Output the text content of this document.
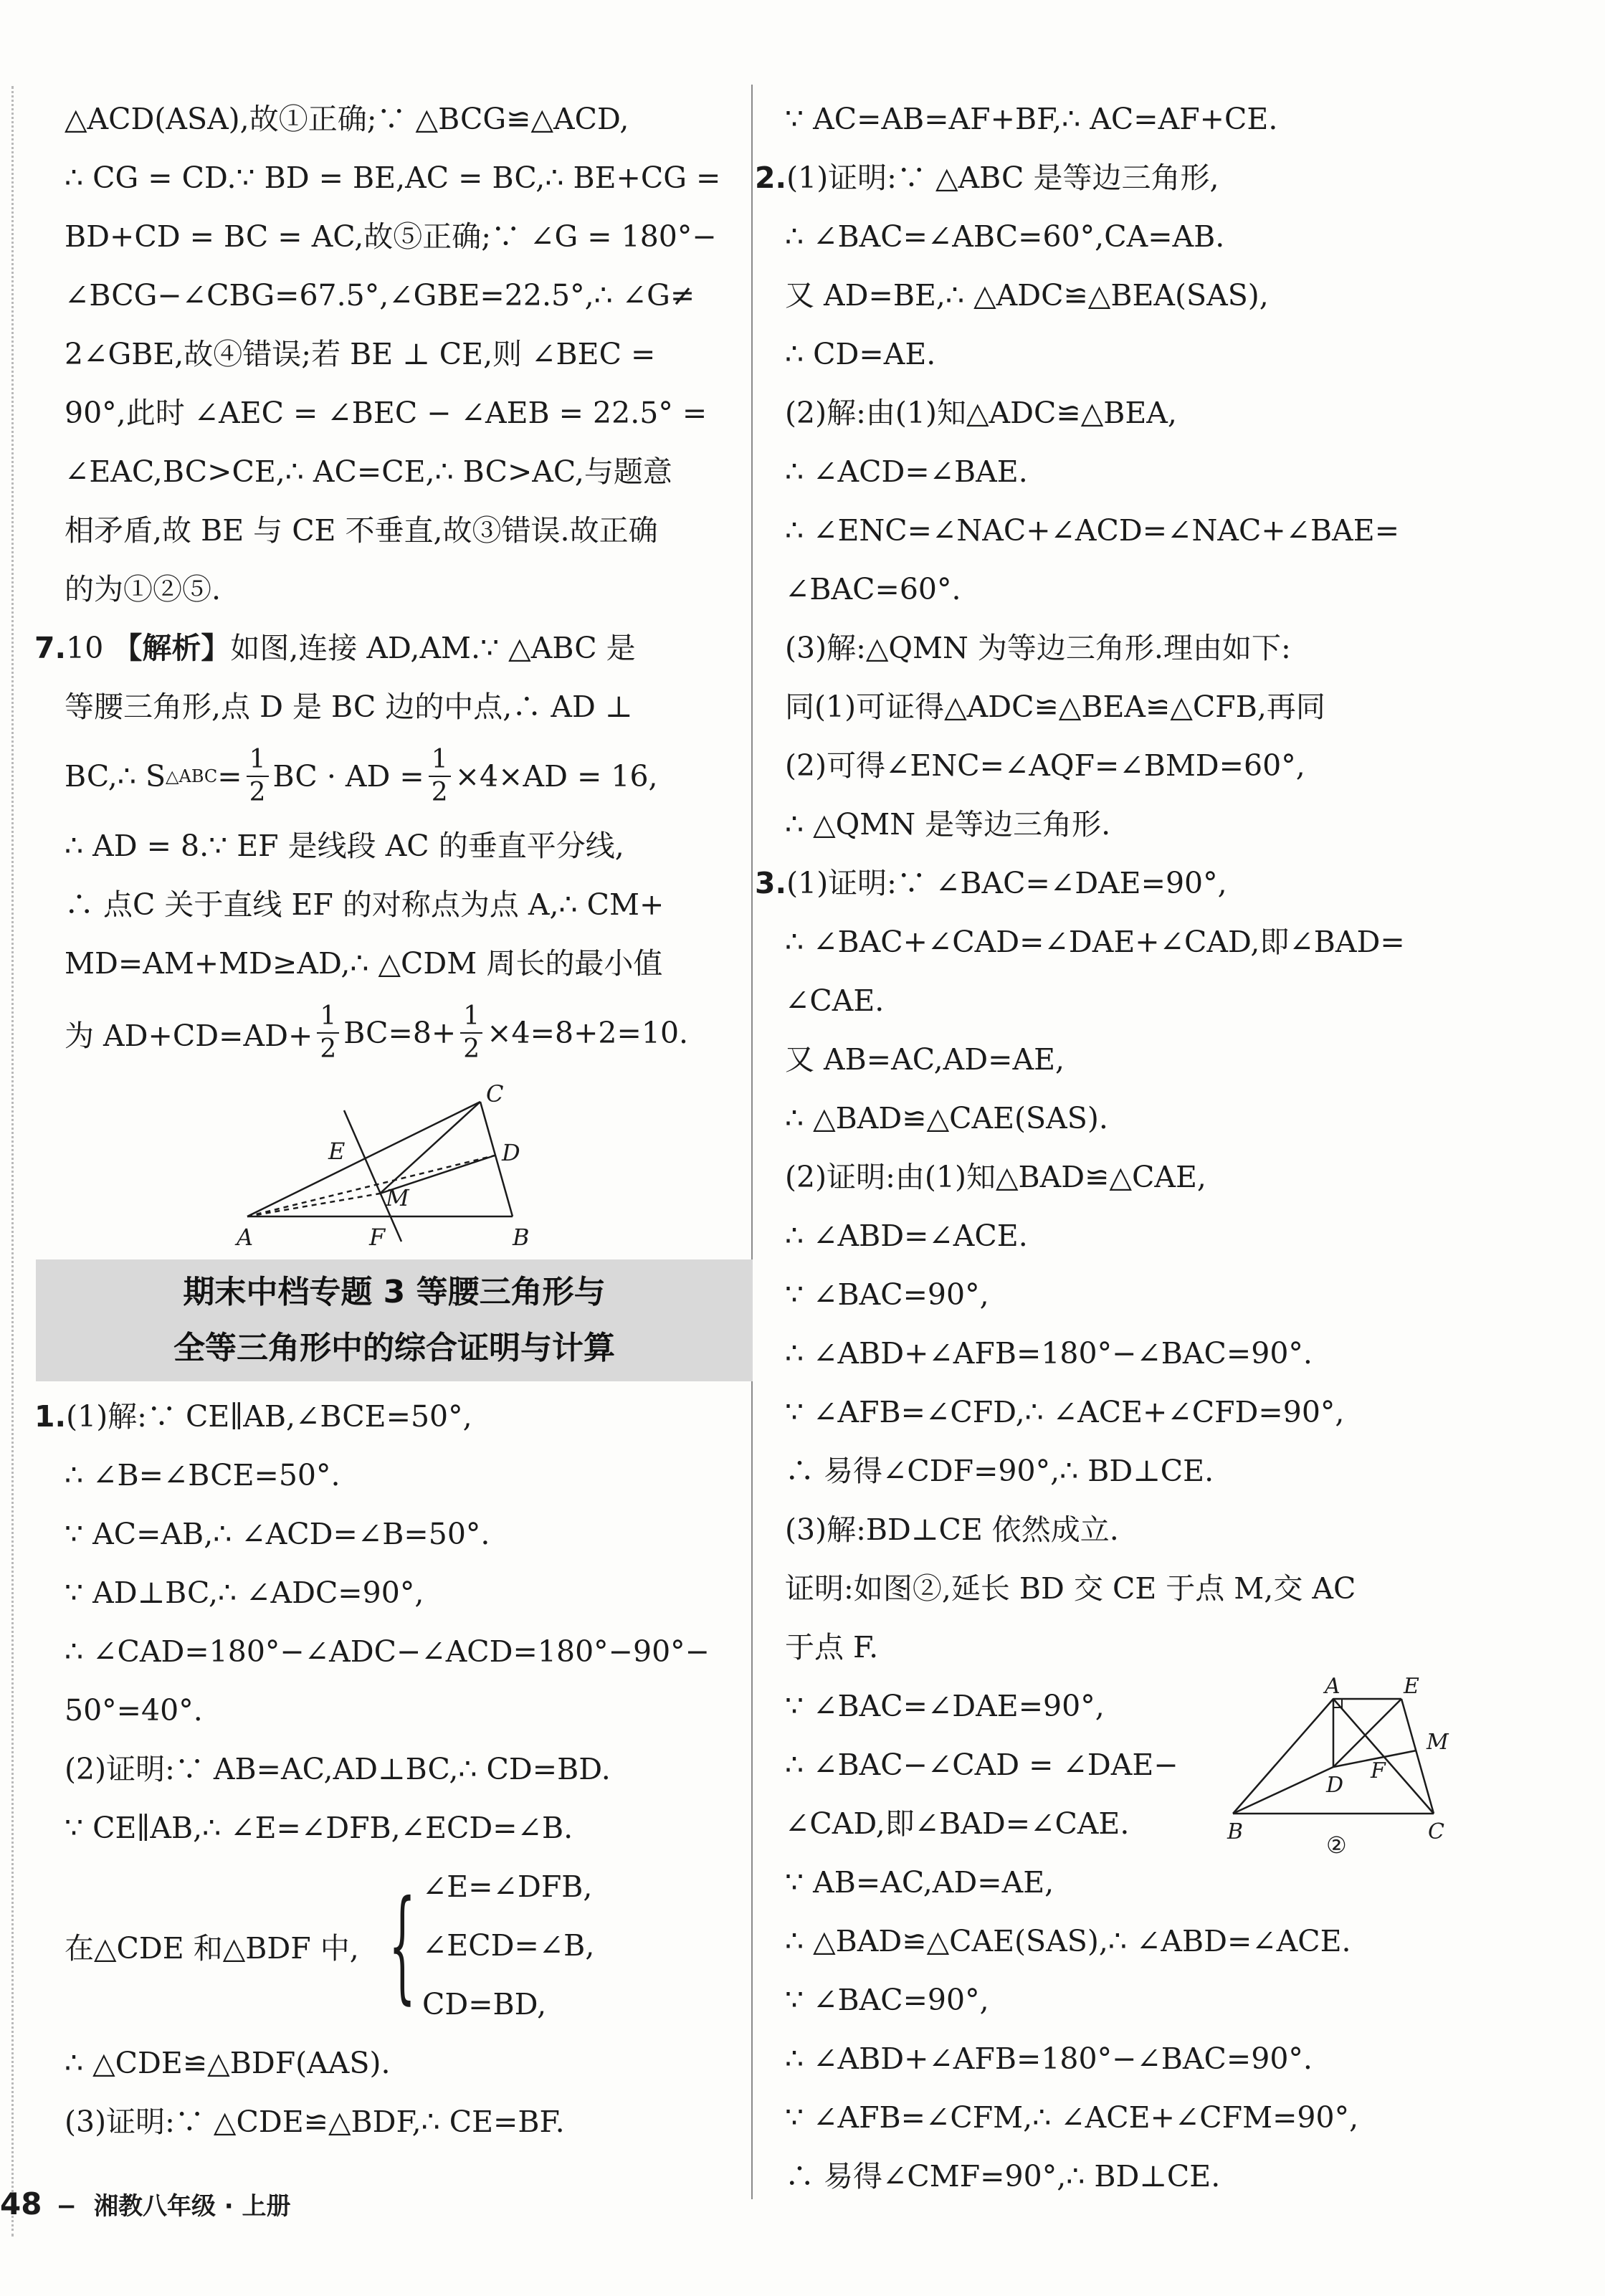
△ACD(ASA),故①正确;∵ △BCG≌△ACD,
∴ CG = CD.∵ BD = BE,AC = BC,∴ BE+CG =
BD+CD = BC = AC,故⑤正确;∵ ∠G = 180°−
∠BCG−∠CBG=67.5°,∠GBE=22.5°,∴ ∠G≠
2∠GBE,故④错误;若 BE ⊥ CE,则 ∠BEC =
90°,此时 ∠AEC = ∠BEC − ∠AEB = 22.5° =
∠EAC,BC>CE,∴ AC=CE,∴ BC>AC,与题意
相矛盾,故 BE 与 CE 不垂直,故③错误.故正确
的为①②⑤.
7.10 【解析】如图,连接 AD,AM.∵ △ABC 是
等腰三角形,点 D 是 BC 边的中点,∴ AD ⊥
BC,∴ S △ABC = $\frac{1}{2}$ BC · AD = $\frac{1}{2} \times 4\times AD = 16$,
∴ AD = 8.∵ EF 是线段 AC 的垂直平分线,
∴ 点C 关于直线 EF 的对称点为点 A,∴ CM+
MD=AM+MD≥AD,∴ △CDM 周长的最小值
为 $AD+CD=AD+ \frac{1}{2} BC=8+ \frac{1}{2} \times 4=8+2=10$.
A	B
C
D
E
F
M
期末中档专题 3 等腰三角形与
全等三角形中的综合证明与计算
1.(1)解:∵ CE∥AB,∠BCE=50°,
∴ ∠B=∠BCE=50°.
∵ AC=AB,∴ ∠ACD=∠B=50°.
∵ AD⊥BC,∴ ∠ADC=90°,
∴ ∠CAD=180°−∠ADC−∠ACD=180°−90°−
50°=40°.
(2)证明:∵ AB=AC,AD⊥BC,∴ CD=BD.
∵ CE∥AB,∴ ∠E=∠DFB,∠ECD=∠B.
在△CDE 和△BDF 中, { ∠E=∠DFB,
∠ECD=∠B,
CD=BD,
∴ △CDE≌△BDF(AAS).
(3)证明:∵ △CDE≌△BDF,∴ CE=BF.
∵ AC=AB=AF+BF,∴ AC=AF+CE.
2.(1)证明:∵ △ABC 是等边三角形,
∴ ∠BAC=∠ABC=60°,CA=AB.
又 AD=BE,∴ △ADC≌△BEA(SAS),
∴ CD=AE.
(2)解:由(1)知△ADC≌△BEA,
∴ ∠ACD=∠BAE.
∴ ∠ENC=∠NAC+∠ACD=∠NAC+∠BAE=
∠BAC=60°.
(3)解:△QMN 为等边三角形.理由如下:
同(1)可证得△ADC≌△BEA≌△CFB,再同
(2)可得∠ENC=∠AQF=∠BMD=60°,
∴ △QMN 是等边三角形.
3.(1)证明:∵ ∠BAC=∠DAE=90°,
∴ ∠BAC+∠CAD=∠DAE+∠CAD,即∠BAD=
∠CAE.
又 AB=AC,AD=AE,
∴ △BAD≌△CAE(SAS).
(2)证明:由(1)知△BAD≌△CAE,
∴ ∠ABD=∠ACE.
∵ ∠BAC=90°,
∴ ∠ABD+∠AFB=180°−∠BAC=90°.
∵ ∠AFB=∠CFD,∴ ∠ACE+∠CFD=90°,
∴ 易得∠CDF=90°,∴ BD⊥CE.
(3)解:BD⊥CE 依然成立.
证明:如图②,延长 BD 交 CE 于点 M,交 AC
于点 F.
∵ ∠BAC=∠DAE=90°,
∴ ∠BAC−∠CAD = ∠DAE−
∠CAD,即∠BAD=∠CAE.
∵ AB=AC,AD=AE,
∴ △BAD≌△CAE(SAS),∴ ∠ABD=∠ACE.
∵ ∠BAC=90°,
∴ ∠ABD+∠AFB=180°−∠BAC=90°.
∵ ∠AFB=∠CFM,∴ ∠ACE+∠CFM=90°,
∴ 易得∠CMF=90°,∴ BD⊥CE.
A	E
M
D
F
B	C
②
48 − 湘教八年级 · 上册
